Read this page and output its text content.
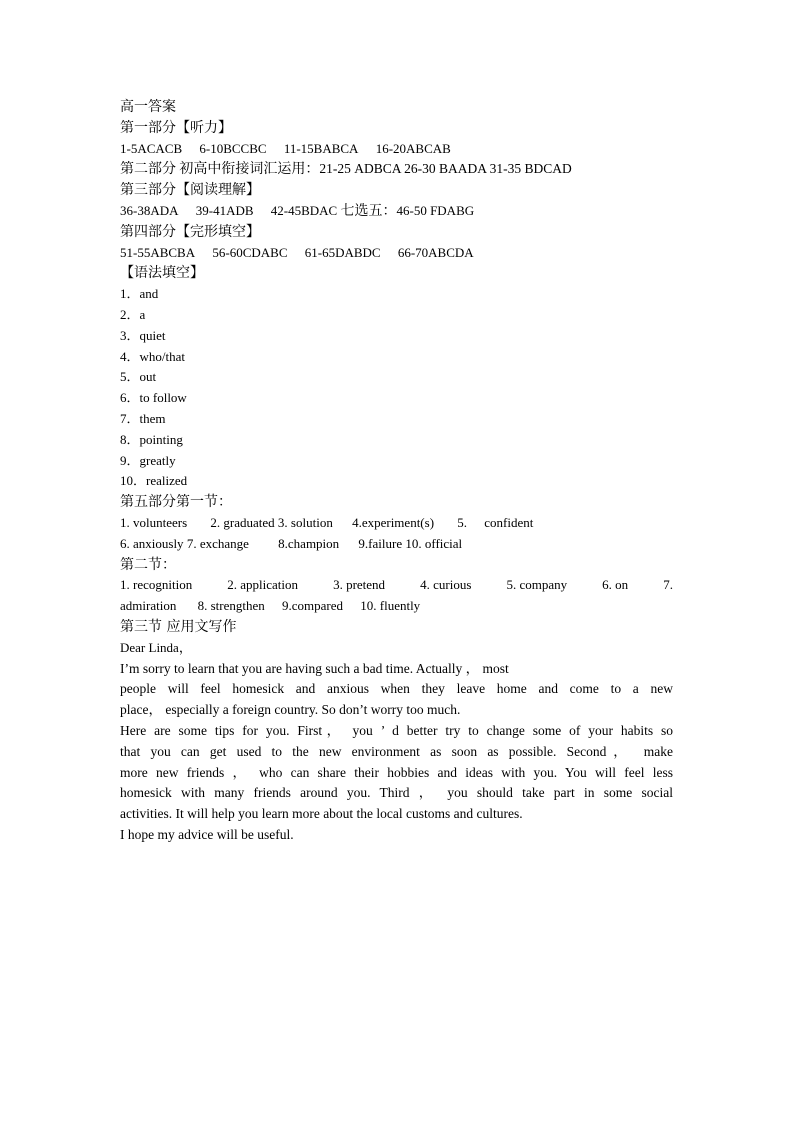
高一答案
第一部分【听力】
1-5ACACB 6-10BCCBC 11-15BABCA 16-20ABCAB
第二部分 初高中衔接词汇运用：21-25 ADBCA 26-30 BAADA 31-35 BDCAD
第三部分【阅读理解】
36-38ADA 39-41ADB 42-45BDAC 七选五：46-50 FDABG
第四部分【完形填空】
51-55ABCBA 56-60CDABC 61-65DABDC 66-70ABCDA
【语法填空】
1．and
2．a
3．quiet
4．who/that
5．out
6．to follow
7．them
8．pointing
9．greatly
10．realized
第五部分第一节：
1. volunteers 2. graduated 3. solution 4.experiment(s) 5. confident
6. anxiously 7. exchange 8.champion 9.failure 10. official
第二节：
1. recognition	2. application	3. pretend	4. curious	5. company	6. on	7.
admiration 8. strengthen 9.compared 10. fluently
第三节 应用文写作
Dear Linda，
I’m sorry to learn that you are having such a bad time. Actually ， most
people will feel homesick and anxious when they leave home and come to a new
place， especially a foreign country. So don’t worry too much.
Here are some tips for you. First， you ’ d better try to change some of your habits so
that you can get used to the new environment as soon as possible. Second， make
more new friends ， who can share their hobbies and ideas with you. You will feel less
homesick with many friends around you. Third ， you should take part in some social
activities. It will help you learn more about the local customs and cultures.
I hope my advice will be useful.
